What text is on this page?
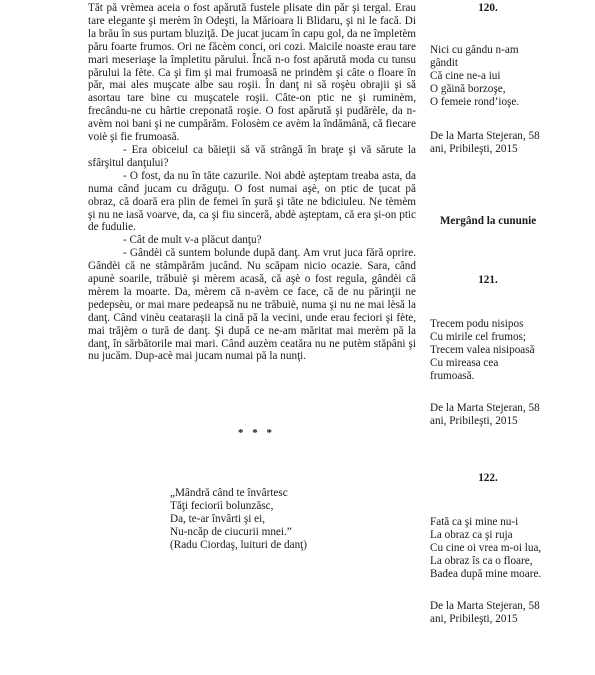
Tăt pă vrèmea aceia o fost apărută fustele plisate din păr şi tergal. Erau tare elegante şi merèm în Odeşti, la Mărioara li Blidaru, şi ni le facă. Di la brău în sus purtam bluziţă. De jucat jucam în capu gol, da ne împletèm păru foarte frumos. Ori ne făcèm conci, ori cozi. Maicile noaste erau tare mari meseriaşe la împletitu părului. Încă n-o fost apărută moda cu tunsu părului la fète. Ca şi fim şi mai frumoasă ne prindèm şi câte o floare în păr, mai ales muşcate albe sau roşii. În danţ ni să roşèu obrajii şi să asortau tare bine cu muşcatele roşii. Câte-on ptic ne şi ruminèm, frecându-ne cu hârtie creponată roşie. O fost apărută şi pudărèle, da n-avèm noi bani şi ne cumpărăm. Folosèm ce avèm la îndămână, că fiecare voiè şi fie frumoasă.

- Era obiceiul ca băieţii să vă strângă în braţe şi vă sărute la sfârşitul danţului?

- O fost, da nu în tăte cazurile. Noi abdè aşteptam treaba asta, da numa când jucam cu drăguţu. O fost numai aşè, on ptic de ţucat pă obraz, că doară era plin de femei în şură şi tăte ne bdiciuleu. Ne tèmèm şi nu ne iasă voarve, da, ca şi fiu sinceră, abdè aşteptam, că era şi-on ptic de fudulie.

- Cât de mult v-a plăcut danţu?

- Gândèi că suntem bolunde după danţ. Am vrut juca fără oprire. Gândèi că ne stâmpărăm jucând. Nu scăpam nicio ocazie. Sara, când apunè soarile, trăbuiè şi mèrem acasă, că aşè o fost regula, gândèi că mèrem la moarte. Da, mèrem că n-avèm ce face, că de nu părinţii ne pedepsèu, or mai mare pedeapsă nu ne trăbuiè, numa şi nu ne mai lèsă la danţ. Când vinèu ceataraşii la cină pă la vecini, unde erau feciori şi fète, mai trăjèm o tură de danţ. Şi după ce ne-am măritat mai merèm pă la danţ, în sărbătorile mai mari. Când auzèm ceatăra nu ne putèm stăpâni şi nu jucăm. Dup-acè mai jucam numai pă la nunţi.

* * *
„Mândră când te învârtesc
Tăţi fecioriì bolunzăsc,
Da, te-ar învârti şi ei,
Nu-ncăp de ciucurii mnei.”
(Radu Ciordaş, luituri de danţ)
120.
Nici cu gându n-am
gândit
Că cine ne-a iui
O găină borzoşe,
O femeie rond’ioşe.
De la Marta Stejeran, 58
ani, Pribileşti, 2015
Mergând la cununie
121.
Trecem podu nisipos
Cu mirile cel frumos;
Trecem valea nisipoasă
Cu mireasa cea
frumoasă.
De la Marta Stejeran, 58
ani, Pribileşti, 2015
122.
Fată ca şi mine nu-i
La obraz ca şi ruja
Cu cine oi vrea m-oi lua,
La obraz îs ca o floare,
Badea după mine moare.
De la Marta Stejeran, 58
ani, Pribileşti, 2015
